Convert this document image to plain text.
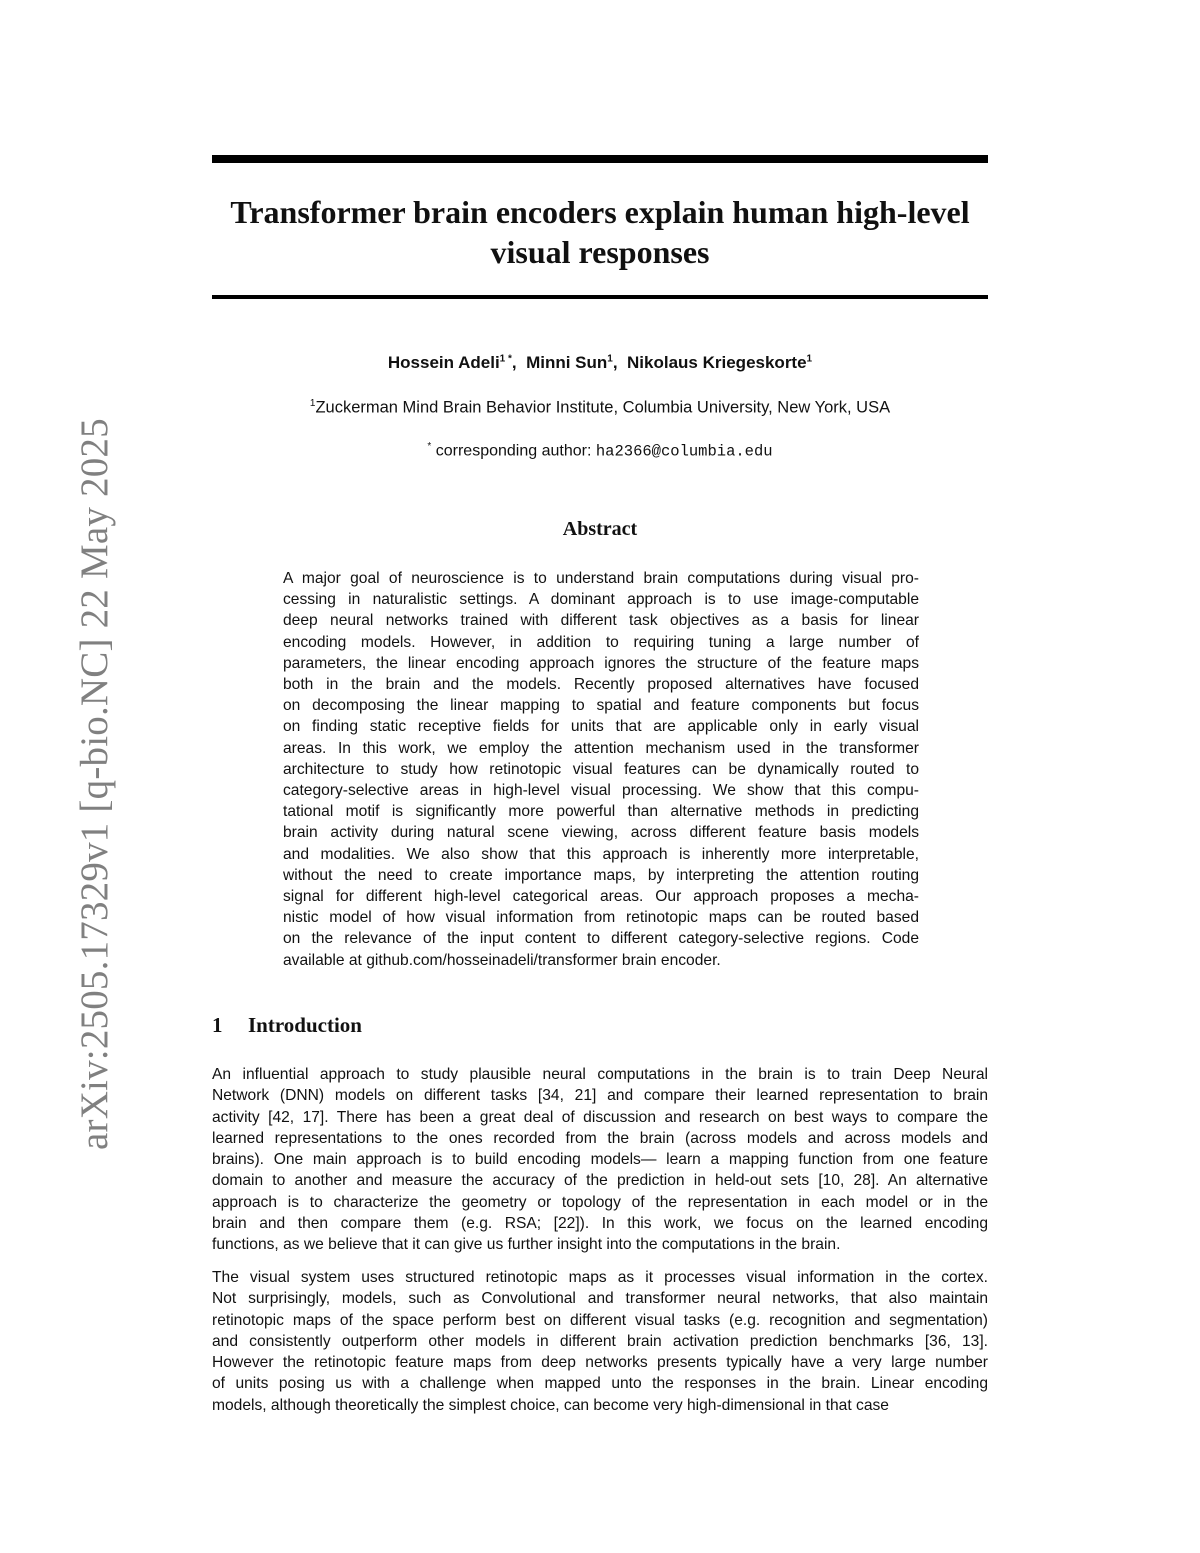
arXiv:2505.17329v1 [q-bio.NC] 22 May 2025
Transformer brain encoders explain human high-level
visual responses
Hossein Adeli$^{1 *}$,  Minni Sun$^1$,  Nikolaus Kriegeskorte$^1$
$^1$Zuckerman Mind Brain Behavior Institute, Columbia University, New York, USA
* corresponding author: ha2366@columbia.edu
Abstract
A major goal of neuroscience is to understand brain computations during visual pro-
cessing in naturalistic settings. A dominant approach is to use image-computable
deep neural networks trained with different task objectives as a basis for linear
encoding models. However, in addition to requiring tuning a large number of
parameters, the linear encoding approach ignores the structure of the feature maps
both in the brain and the models. Recently proposed alternatives have focused
on decomposing the linear mapping to spatial and feature components but focus
on finding static receptive fields for units that are applicable only in early visual
areas. In this work, we employ the attention mechanism used in the transformer
architecture to study how retinotopic visual features can be dynamically routed to
category-selective areas in high-level visual processing. We show that this compu-
tational motif is significantly more powerful than alternative methods in predicting
brain activity during natural scene viewing, across different feature basis models
and modalities. We also show that this approach is inherently more interpretable,
without the need to create importance maps, by interpreting the attention routing
signal for different high-level categorical areas. Our approach proposes a mecha-
nistic model of how visual information from retinotopic maps can be routed based
on the relevance of the input content to different category-selective regions. Code
available at github.com/hosseinadeli/transformer brain encoder.
1 Introduction
An influential approach to study plausible neural computations in the brain is to train Deep Neural
Network (DNN) models on different tasks [34, 21] and compare their learned representation to brain
activity [42, 17]. There has been a great deal of discussion and research on best ways to compare the
learned representations to the ones recorded from the brain (across models and across models and
brains). One main approach is to build encoding models— learn a mapping function from one feature
domain to another and measure the accuracy of the prediction in held-out sets [10, 28]. An alternative
approach is to characterize the geometry or topology of the representation in each model or in the
brain and then compare them (e.g. RSA; [22]). In this work, we focus on the learned encoding
functions, as we believe that it can give us further insight into the computations in the brain.
The visual system uses structured retinotopic maps as it processes visual information in the cortex.
Not surprisingly, models, such as Convolutional and transformer neural networks, that also maintain
retinotopic maps of the space perform best on different visual tasks (e.g. recognition and segmentation)
and consistently outperform other models in different brain activation prediction benchmarks [36, 13].
However the retinotopic feature maps from deep networks presents typically have a very large number
of units posing us with a challenge when mapped unto the responses in the brain. Linear encoding
models, although theoretically the simplest choice, can become very high-dimensional in that case
